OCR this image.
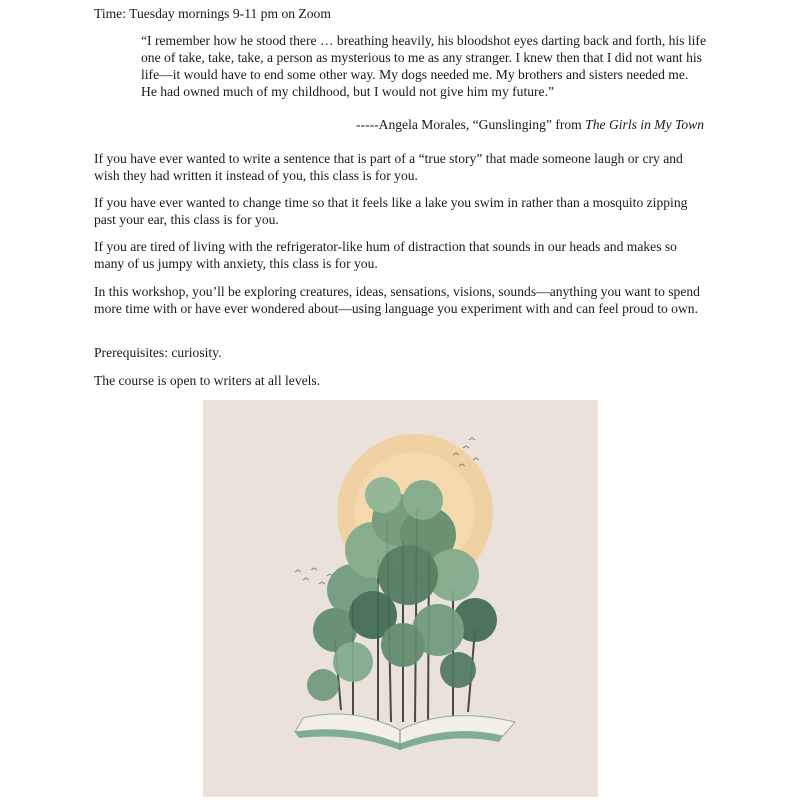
Time: Tuesday mornings 9-11 pm on Zoom

“I remember how he stood there … breathing heavily, his bloodshot eyes darting back and forth, his life one of take, take, take, a person as mysterious to me as any stranger. I knew then that I did not want his life—it would have to end some other way. My dogs needed me. My brothers and sisters needed me. He had owned much of my childhood, but I would not give him my future.”

-----Angela Morales, “Gunslinging” from The Girls in My Town

If you have ever wanted to write a sentence that is part of a “true story” that made someone laugh or cry and wish they had written it instead of you, this class is for you.

If you have ever wanted to change time so that it feels like a lake you swim in rather than a mosquito zipping past your ear, this class is for you.

If you are tired of living with the refrigerator-like hum of distraction that sounds in our heads and makes so many of us jumpy with anxiety, this class is for you.

In this workshop, you’ll be exploring creatures, ideas, sensations, visions, sounds—anything you want to spend more time with or have ever wondered about—using language you experiment with and can feel proud to own.

Prerequisites: curiosity.

The course is open to writers at all levels.
